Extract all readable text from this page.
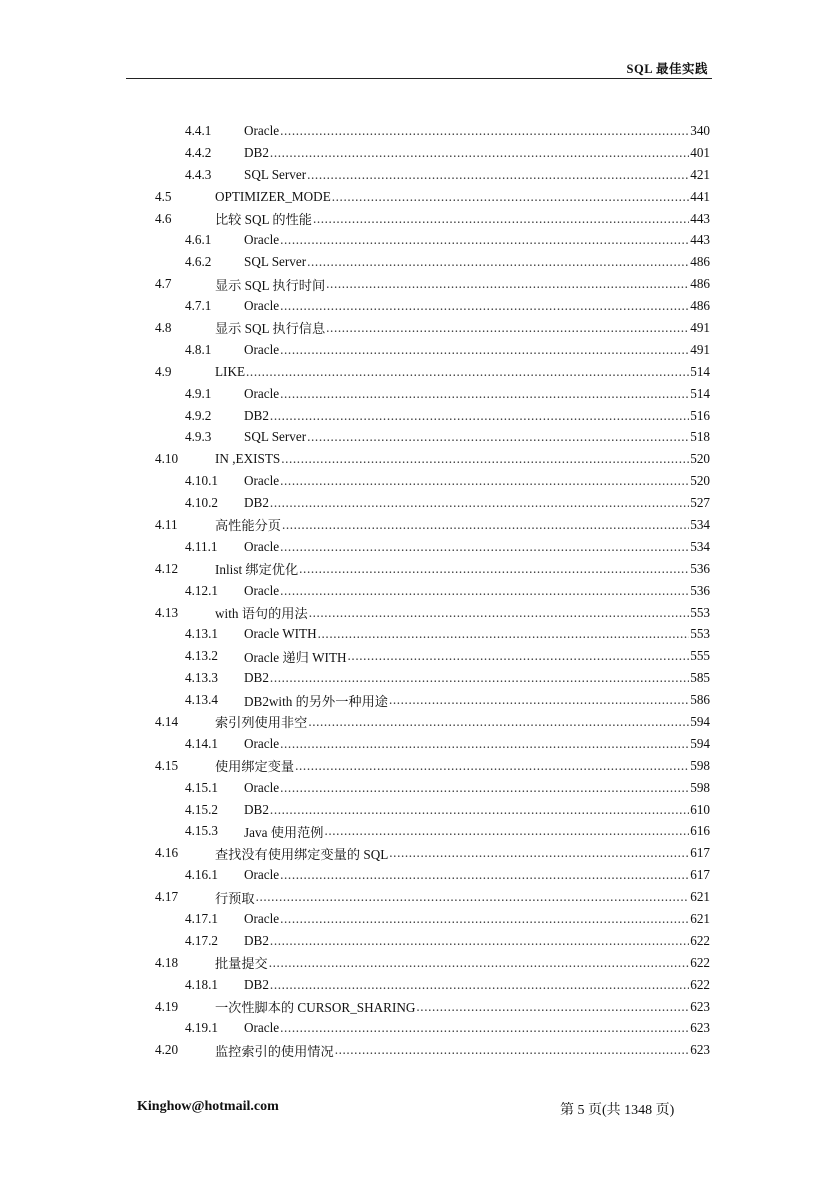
SQL 最佳实践
4.4.1 Oracle .....	340
4.4.2 DB2 .....	401
4.4.3 SQL Server .....	421
4.5	OPTIMIZER_MODE .....	441
4.6	比较 SQL 的性能 .....	443
4.6.1 Oracle .....	443
4.6.2 SQL Server .....	486
4.7	显示 SQL 执行时间 .....	486
4.7.1 Oracle .....	486
4.8	显示 SQL 执行信息 .....	491
4.8.1 Oracle .....	491
4.9	LIKE .....	514
4.9.1 Oracle .....	514
4.9.2 DB2 .....	516
4.9.3 SQL Server .....	518
4.10	IN ,EXISTS .....	520
4.10.1 Oracle .....	520
4.10.2 DB2 .....	527
4.11	高性能分页 .....	534
4.11.1 Oracle .....	534
4.12	Inlist 绑定优化 .....	536
4.12.1 Oracle .....	536
4.13	with 语句的用法 .....	553
4.13.1 Oracle WITH .....	553
4.13.2 Oracle 递归 WITH .....	555
4.13.3 DB2 .....	585
4.13.4 DB2with 的另外一种用途 .....	586
4.14	索引列使用非空 .....	594
4.14.1 Oracle .....	594
4.15	使用绑定变量 .....	598
4.15.1 Oracle .....	598
4.15.2 DB2 .....	610
4.15.3 Java 使用范例 .....	616
4.16	查找没有使用绑定变量的 SQL .....	617
4.16.1 Oracle .....	617
4.17	行预取 .....	621
4.17.1 Oracle .....	621
4.17.2 DB2 .....	622
4.18	批量提交 .....	622
4.18.1 DB2 .....	622
4.19	一次性脚本的 CURSOR_SHARING .....	623
4.19.1 Oracle .....	623
4.20	监控索引的使用情况 .....	623
Kinghow@hotmail.com	第 5 页(共 1348 页)
